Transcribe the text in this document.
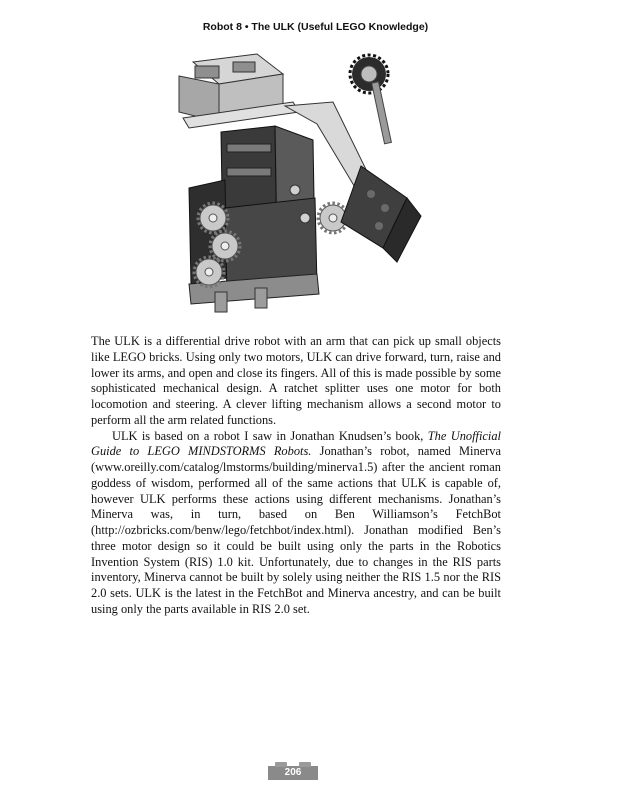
Robot 8 • The ULK (Useful LEGO Knowledge)

The ULK is a differential drive robot with an arm that can pick up small objects like LEGO bricks. Using only two motors, ULK can drive forward, turn, raise and lower its arms, and open and close its fingers. All of this is made possible by some sophisticated mechanical design. A ratchet splitter uses one motor for both locomotion and steering. A clever lifting mechanism allows a second motor to perform all the arm related functions.

ULK is based on a robot I saw in Jonathan Knudsen’s book, The Unofficial Guide to LEGO MINDSTORMS Robots. Jonathan’s robot, named Minerva (www.oreilly.com/catalog/lmstorms/building/minerva1.5) after the ancient roman goddess of wisdom, performed all of the same actions that ULK is capable of, however ULK performs these actions using different mechanisms. Jonathan’s Minerva was, in turn, based on Ben Williamson’s FetchBot (http://ozbricks.com/benw/lego/fetchbot/index.html). Jonathan modified Ben’s three motor design so it could be built using only the parts in the Robotics Invention System (RIS) 1.0 kit. Unfortunately, due to changes in the RIS parts inventory, Minerva cannot be built by solely using neither the RIS 1.5 nor the RIS 2.0 sets. ULK is the latest in the FetchBot and Minerva ancestry, and can be built using only the parts available in RIS 2.0 set.

206
